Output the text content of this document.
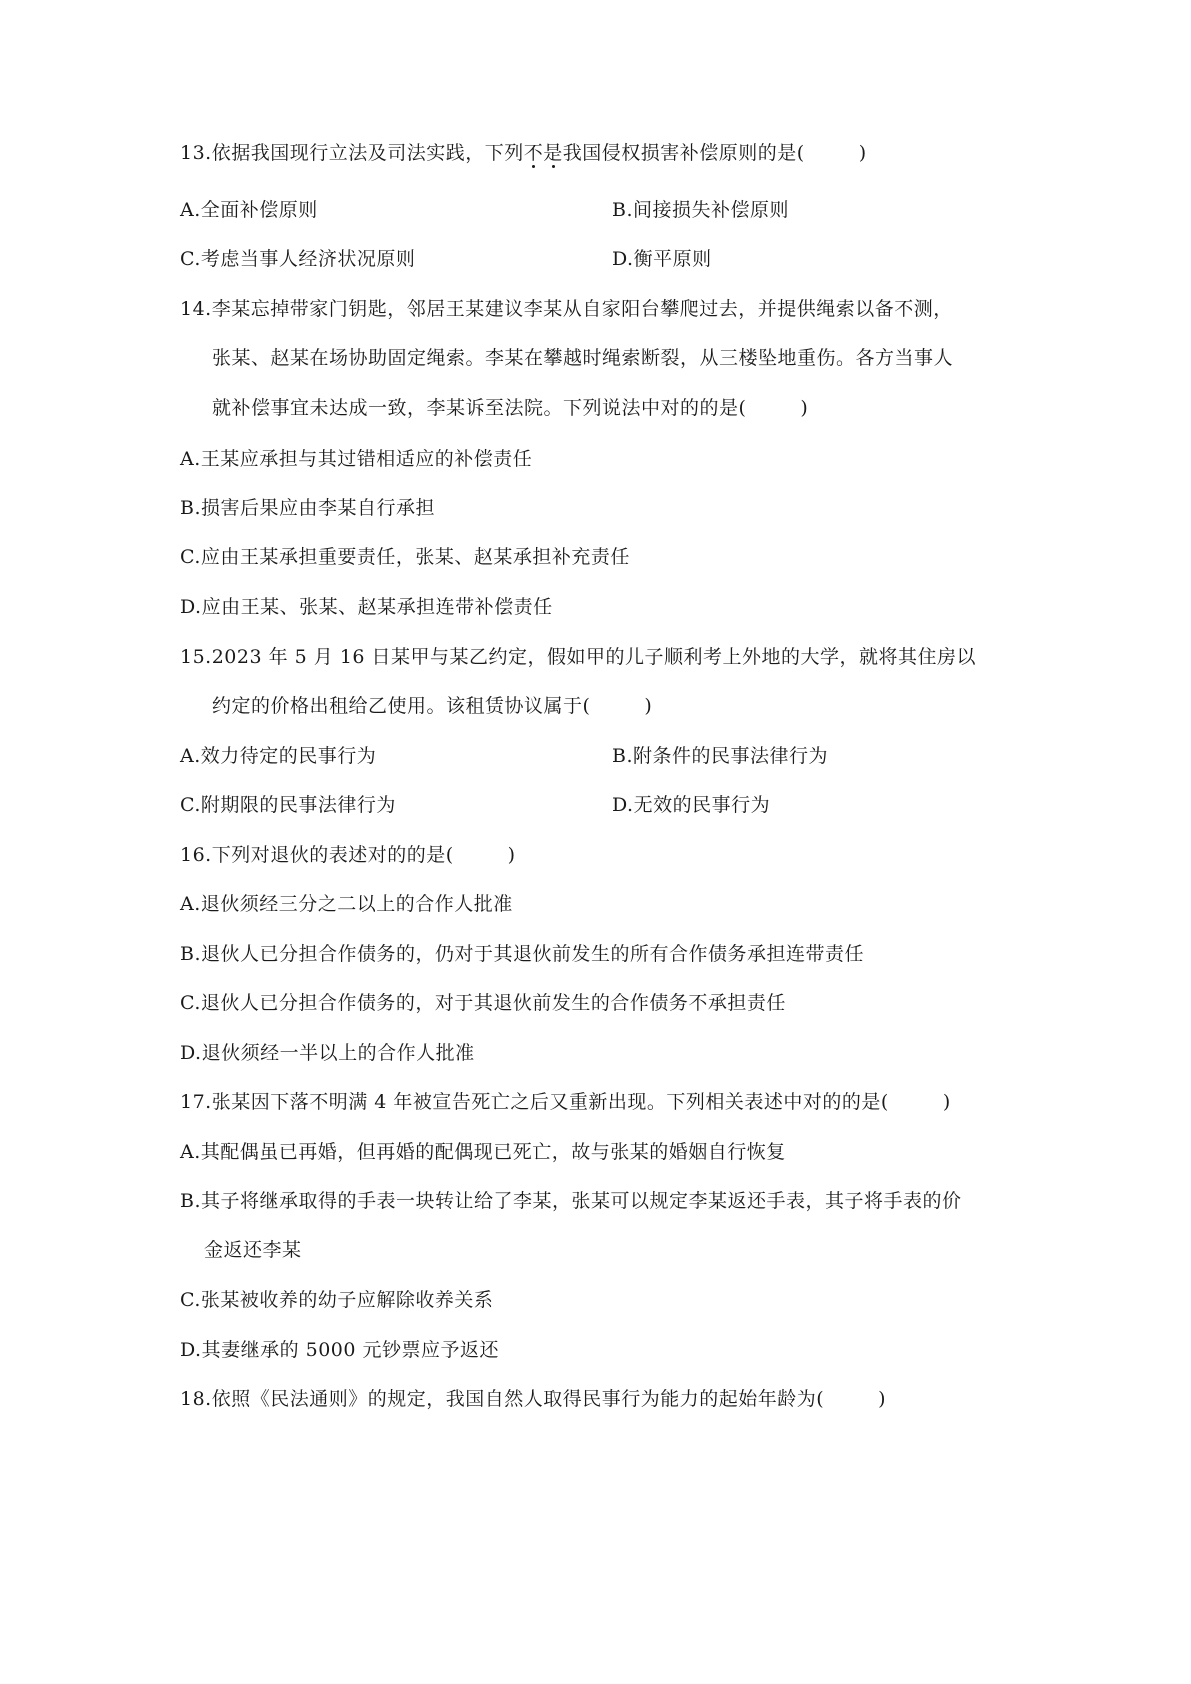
13.依据我国现行立法及司法实践，下列不
是
我国侵权损害补偿原则的是(	)
A.全面补偿原则	B.间接损失补偿原则
C.考虑当事人经济状况原则	D.衡平原则
14.李某忘掉带家门钥匙，邻居王某建议李某从自家阳台攀爬过去，并提供绳索以备不测，
张某、赵某在场协助固定绳索。李某在攀越时绳索断裂，从三楼坠地重伤。各方当事人
就补偿事宜未达成一致，李某诉至法院。下列说法中对的的是(	)
A.王某应承担与其过错相适应的补偿责任
B.损害后果应由李某自行承担
C.应由王某承担重要责任，张某、赵某承担补充责任
D.应由王某、张某、赵某承担连带补偿责任
15.2023 年 5 月 16 日某甲与某乙约定，假如甲的儿子顺利考上外地的大学，就将其住房以
约定的价格出租给乙使用。该租赁协议属于(	)
A.效力待定的民事行为	B.附条件的民事法律行为
C.附期限的民事法律行为	D.无效的民事行为
16.下列对退伙的表述对的的是(	)
A.退伙须经三分之二以上的合作人批准
B.退伙人已分担合作债务的，仍对于其退伙前发生的所有合作债务承担连带责任
C.退伙人已分担合作债务的，对于其退伙前发生的合作债务不承担责任
D.退伙须经一半以上的合作人批准
17.张某因下落不明满 4 年被宣告死亡之后又重新出现。下列相关表述中对的的是(	)
A.其配偶虽已再婚，但再婚的配偶现已死亡，故与张某的婚姻自行恢复
B.其子将继承取得的手表一块转让给了李某，张某可以规定李某返还手表，其子将手表的价
金返还李某
C.张某被收养的幼子应解除收养关系
D.其妻继承的 5000 元钞票应予返还
18.依照《民法通则》的规定，我国自然人取得民事行为能力的起始年龄为(	)
